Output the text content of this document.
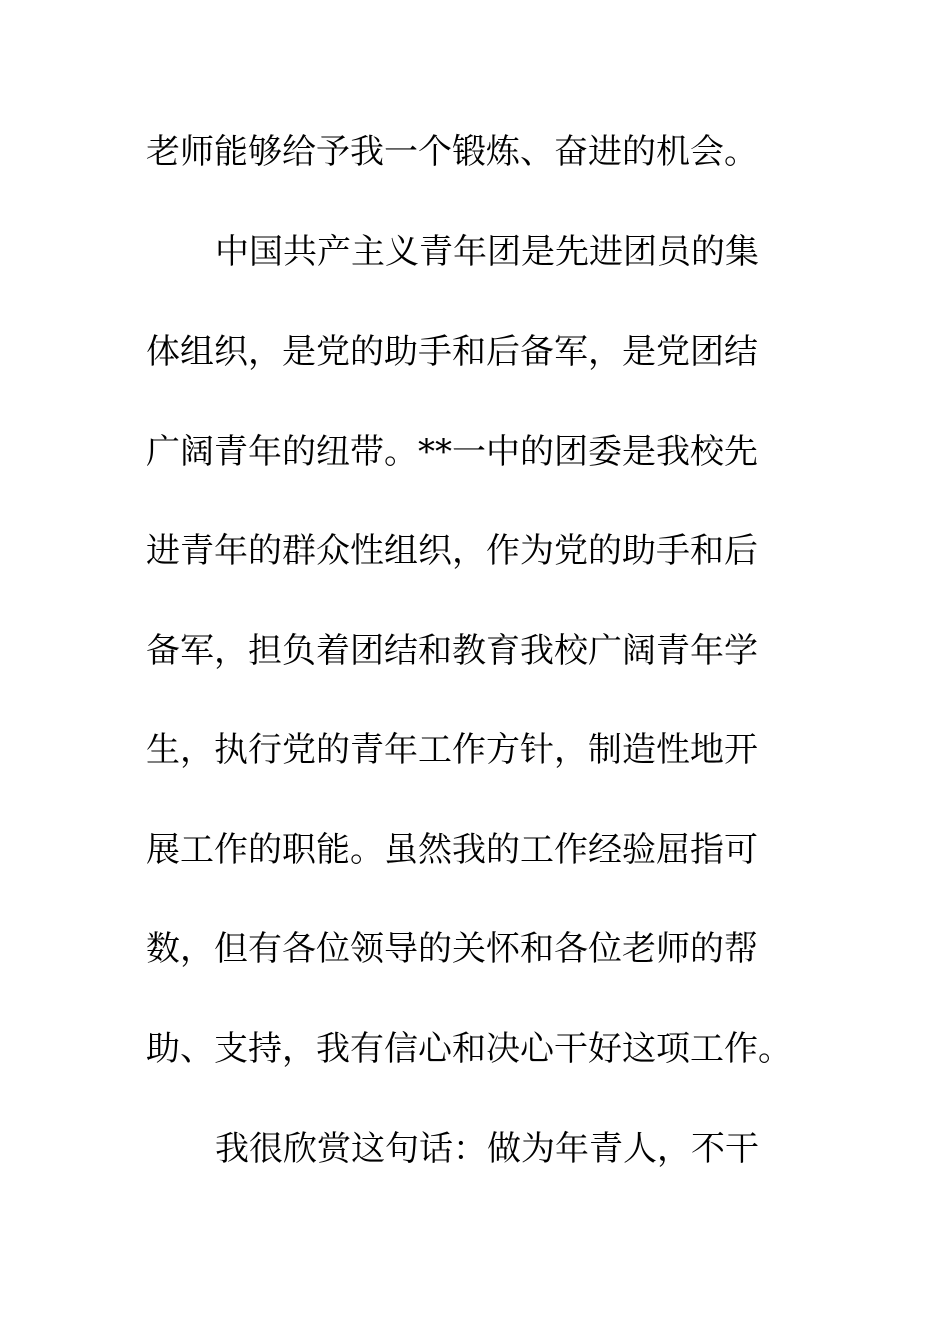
老师能够给予我一个锻炼、奋进的机会。
中国共产主义青年团是先进团员的集
体组织，是党的助手和后备军，是党团结
广阔青年的纽带。**一中的团委是我校先
进青年的群众性组织，作为党的助手和后
备军，担负着团结和教育我校广阔青年学
生，执行党的青年工作方针，制造性地开
展工作的职能。虽然我的工作经验屈指可
数，但有各位领导的关怀和各位老师的帮
助、支持，我有信心和决心干好这项工作。
我很欣赏这句话：做为年青人，不干
